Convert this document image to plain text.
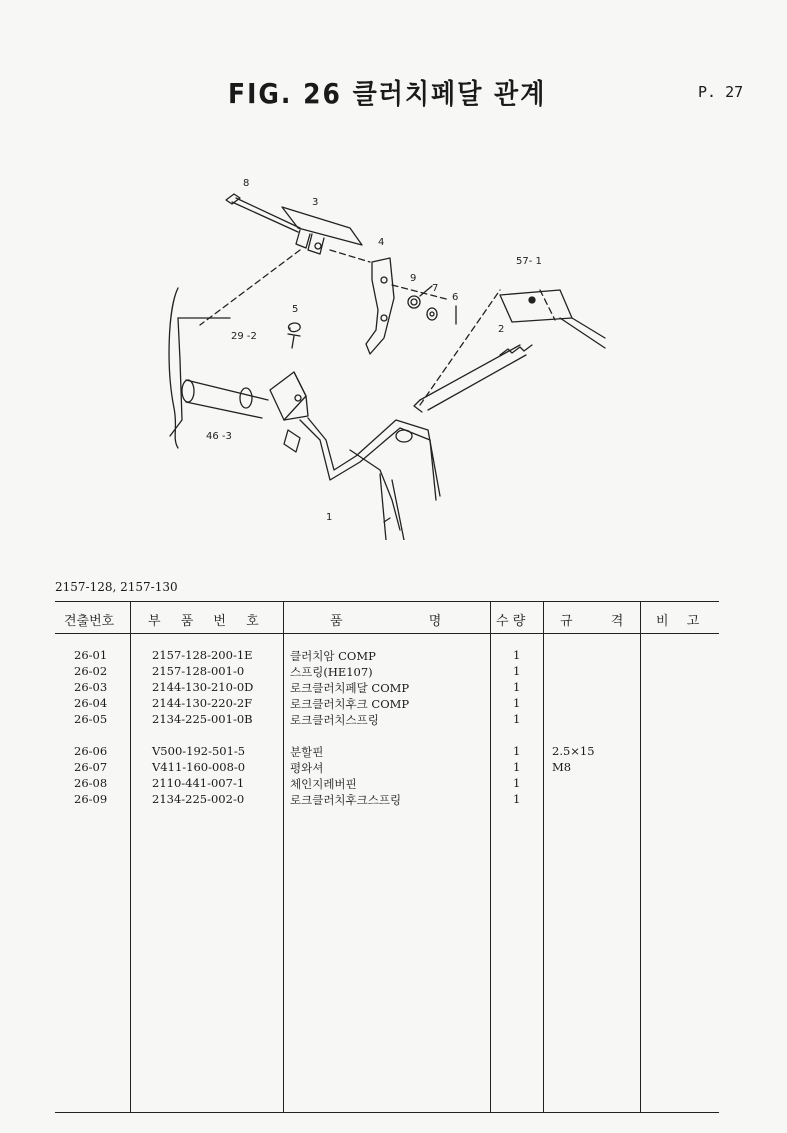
FIG. 26 클러치페달 관계	P. 27
8
3
4
57- 1
9
7
6
5
2
29 -2
46 -3
1
2157-128, 2157-130
견출번호	부 품 번 호	품 명	수 량	규 격	비 고
26-01	2157-128-200-1E	클러치암 COMP	1
26-02	2157-128-001-0	스프링(HE107)	1
26-03	2144-130-210-0D	로크클러치페달 COMP	1
26-04	2144-130-220-2F	로크클러치후크 COMP	1
26-05	2134-225-001-0B	로크클러치스프링	1
26-06	V500-192-501-5	분할핀	1	2.5×15
26-07	V411-160-008-0	평와셔	1	M8
26-08	2110-441-007-1	체인지레버핀	1
26-09	2134-225-002-0	로크클러치후크스프링	1
